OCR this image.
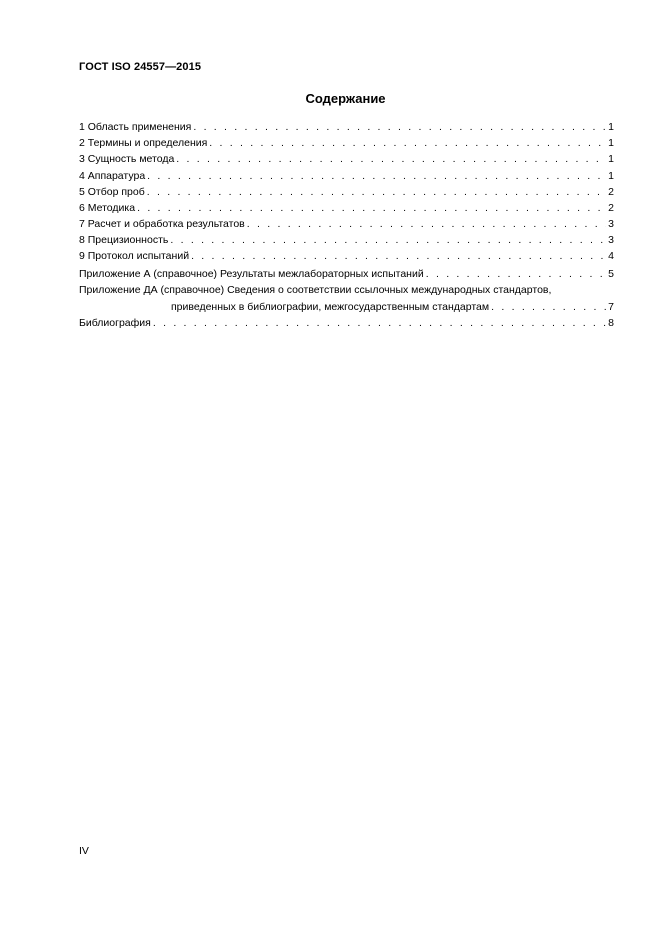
ГОСТ ISO 24557—2015
Содержание
1 Область применения . . .	1
2 Термины и определения . . .	1
3 Сущность метода . . .	1
4 Аппаратура . . .	1
5 Отбор проб . . .	2
6 Методика . . .	2
7 Расчет и обработка результатов . . .	3
8 Прецизионность . . .	3
9 Протокол испытаний . . .	4
Приложение А (справочное) Результаты межлабораторных испытаний . . .	5
Приложение ДА (справочное) Сведения о соответствии ссылочных международных стандартов,
приведенных в библиографии, межгосударственным стандартам . . .	7
Библиография . . .	8
IV
